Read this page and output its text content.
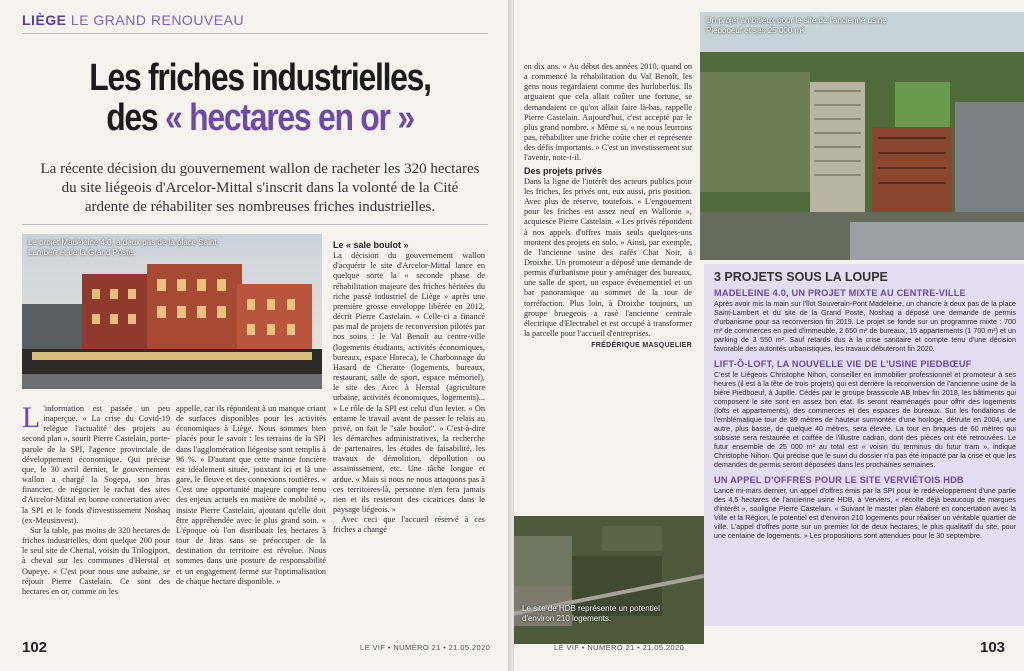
LIÈGE LE GRAND RENOUVEAU
Les friches industrielles,
des « hectares en or »
La récente décision du gouvernement wallon de racheter les 320 hectares du site liégeois d'Arcelor-Mittal s'inscrit dans la volonté de la Cité ardente de réhabiliter ses nombreuses friches industrielles.
Le projet Madeleine 4.0, à deux pas de la place Saint-Lambert et de la Grand Poste.
L 'information est passée un peu inaperçue. « La crise du Covid-19 relègue l'actualité des projets au second plan », sourit Pierre Castelain, porte-parole de la SPI, l'agence provinciale de développement économique. Qui précise que, le 30 avril dernier, le gouvernement wallon a chargé la Sogepa, son bras financier, de négocier le rachat des sites d'Arcelor-Mittal en bonne concertation avec la SPI et le fonds d'investissement Noshaq (ex-Meusinvest).

Sur la table, pas moins de 320 hectares de friches industrielles, dont quelque 200 pour le seul site de Chertal, voisin du Trilogiport, à cheval sur les communes d'Herstal et Oupeye. « C'est pour nous une aubaine, se réjouit Pierre Castelain. Ce sont des hectares en or, comme on les

appelle, car ils répondent à un manque criant de surfaces disponibles pour les activités économiques à Liège. Nous sommes bien placés pour le savoir : les terrains de la SPI dans l'agglomération liégeoise sont remplis à 96 %. » D'autant que cette manne foncière est idéalement située, jouxtant ici et là une gare, le fleuve et des connexions routières. « C'est une opportunité majeure compte tenu des enjeux actuels en matière de mobilité », insiste Pierre Castelain, ajoutant qu'elle doit être appréhendée avec le plus grand soin. « L'époque où l'on distribuait les hectares à tour de bras sans se préoccuper de la destination du territoire est révolue. Nous sommes dans une posture de responsabilité et un engagement ferme sur l'optimalisation de chaque hectare disponible. »

Le « sale boulot »

La décision du gouvernement wallon d'acquérir le site d'Arcelor-Mittal lance en quelque sorte la « seconde phase de réhabilitation majeure des friches héritées du riche passé industriel de Liège » après une première grosse enveloppe libérée en 2012, décrit Pierre Castelain. « Celle-ci a financé pas mal de projets de reconversion pilotés par nos soins : le Val Benoît au centre-ville (logements étudiants, activités économiques, bureaux, espace Horeca), le Charbonnage du Hasard de Cheratte (logements, bureaux, restaurant, salle de sport, espace mémoriel), le site des Acec à Herstal (agriculture urbaine, activités économiques, logements)... » Le rôle de la SPI est celui d'un levier. « On entame le travail avant de passer le relais au privé, on fait le "sale boulot". » C'est-à-dire les démarches administratives, la recherche de partenaires, les études de faisabilité, les travaux de démolition, dépollution ou assainissement, etc. Une tâche longue et ardue. « Mais si nous ne nous attaquons pas à ces territoires-là, personne n'en fera jamais rien et ils resteront des cicatrices dans le paysage liégeois. »

Avec ceci que l'accueil réservé à ces friches a changé

102	LE VIF • NUMÉRO 21 • 21.05.2020

en dix ans. « Au début des années 2010, quand on a commencé la réhabilitation du Val Benoît, les gens nous regardaient comme des hurluberlus. Ils arguaient que cela allait coûter une fortune, se demandaient ce qu'on allait faire là-bas, rappelle Pierre Castelain. Aujourd'hui, c'est accepté par le plus grand nombre. » Même si, « ne nous leurrons pas, réhabiliter une friche coûte cher et représente des défis importants. » C'est un investissement sur l'avenir, note-t-il.

Des projets privés

Dans la ligne de l'intérêt des acteurs publics pour les friches, les privés ont, eux aussi, pris position. Avec plus de réserve, toutefois. « L'engouement pour les friches est assez neuf en Wallonie », acquiesce Pierre Castelain. « Les privés répondent à nos appels d'offres mais seuls quelques-uns montent des projets en solo. » Ainsi, par exemple, de l'ancienne usine des cafés Chat Noir, à Droixhe. Un promoteur a déposé une demande de permis d'urbanisme pour y aménager des bureaux, une salle de sport, un espace événementiel et un bar panoramique au sommet de la tour de torréfaction. Plus loin, à Droixhe toujours, un groupe bruegeois a rasé l'ancienne centrale électrique d'Electrabel et est occupé à transformer la parcelle pour l'accueil d'entreprises.

FRÉDÉRIQUE MASQUELIER
Un projet ambitieux pour le site de l'ancienne usine Piedboeuf et ses 25 000 m².
Le site de HDB représente un potentiel d'environ 210 logements.
3 PROJETS SOUS LA LOUPE
MADELEINE 4.0, UN PROJET MIXTE AU CENTRE-VILLE
Après avoir mis la main sur l'îlot Souverain-Pont Madeleine, un chancre à deux pas de la place Saint-Lambert et du site de la Grand Poste, Noshaq a déposé une demande de permis d'urbanisme pour sa reconversion fin 2019. Le projet se fonde sur un programme mixte : 700 m² de commerces en pied d'immeuble, 2 650 m² de bureaux, 15 appartements (1 700 m²) et un parking de 3 550 m². Sauf retards dus à la crise sanitaire et compte tenu d'une décision favorable des autorités urbanistiques, les travaux débuteront fin 2020.
LIFT-Ô-LOFT, LA NOUVELLE VIE DE L'USINE PIEDBŒUF
C'est le Liégeois Christophe Nihon, conseiller en immobilier professionnel et promoteur à ses heures (il est à la tête de trois projets) qui est derrière la reconversion de l'ancienne usine de la bière Piedboeuf, à Jupille. Cédés par le groupe brassicole AB Inbev fin 2018, les bâtiments qui composent le site sont en assez bon état. Ils seront réaménagés pour offrir des logements (lofts et appartements), des commerces et des espaces de bureaux. Sur les fondations de l'emblématique tour de 89 mètres de hauteur surmontée d'une horloge, détruite en 2004, une autre, plus basse, de quelque 40 mètres, sera élevée. La tour en briques de 60 mètres qui subsiste sera restaurée et coiffée de l'illustre cadran, dont des pièces ont été retrouvées. Le futur ensemble de 25 000 m² au total est « voisin du terminus du futur tram », indique Christophe Nihon. Qui précise que le suivi du dossier n'a pas été impacté par la crise et que les demandes de permis seront déposées dans les prochaines semaines.
UN APPEL D'OFFRES POUR LE SITE VERVIÉTOIS HDB
Lancé mi-mars dernier, un appel d'offres émis par la SPI pour le redéveloppement d'une partie des 4,5 hectares de l'ancienne usine HDB, à Verviers, « récolte déjà beaucoup de marques d'intérêt », souligne Pierre Castelain. « Suivant le master plan élaboré en concertation avec la Ville et la Région, le potentiel est d'environ 210 logements pour réaliser un véritable quartier de ville. L'appel d'offres porte sur un premier lot de deux hectares, le plus qualitatif du site, pour une centaine de logements. » Les propositions sont attendues pour le 30 septembre.
LE VIF • NUMÉRO 21 • 21.05.2020	103
